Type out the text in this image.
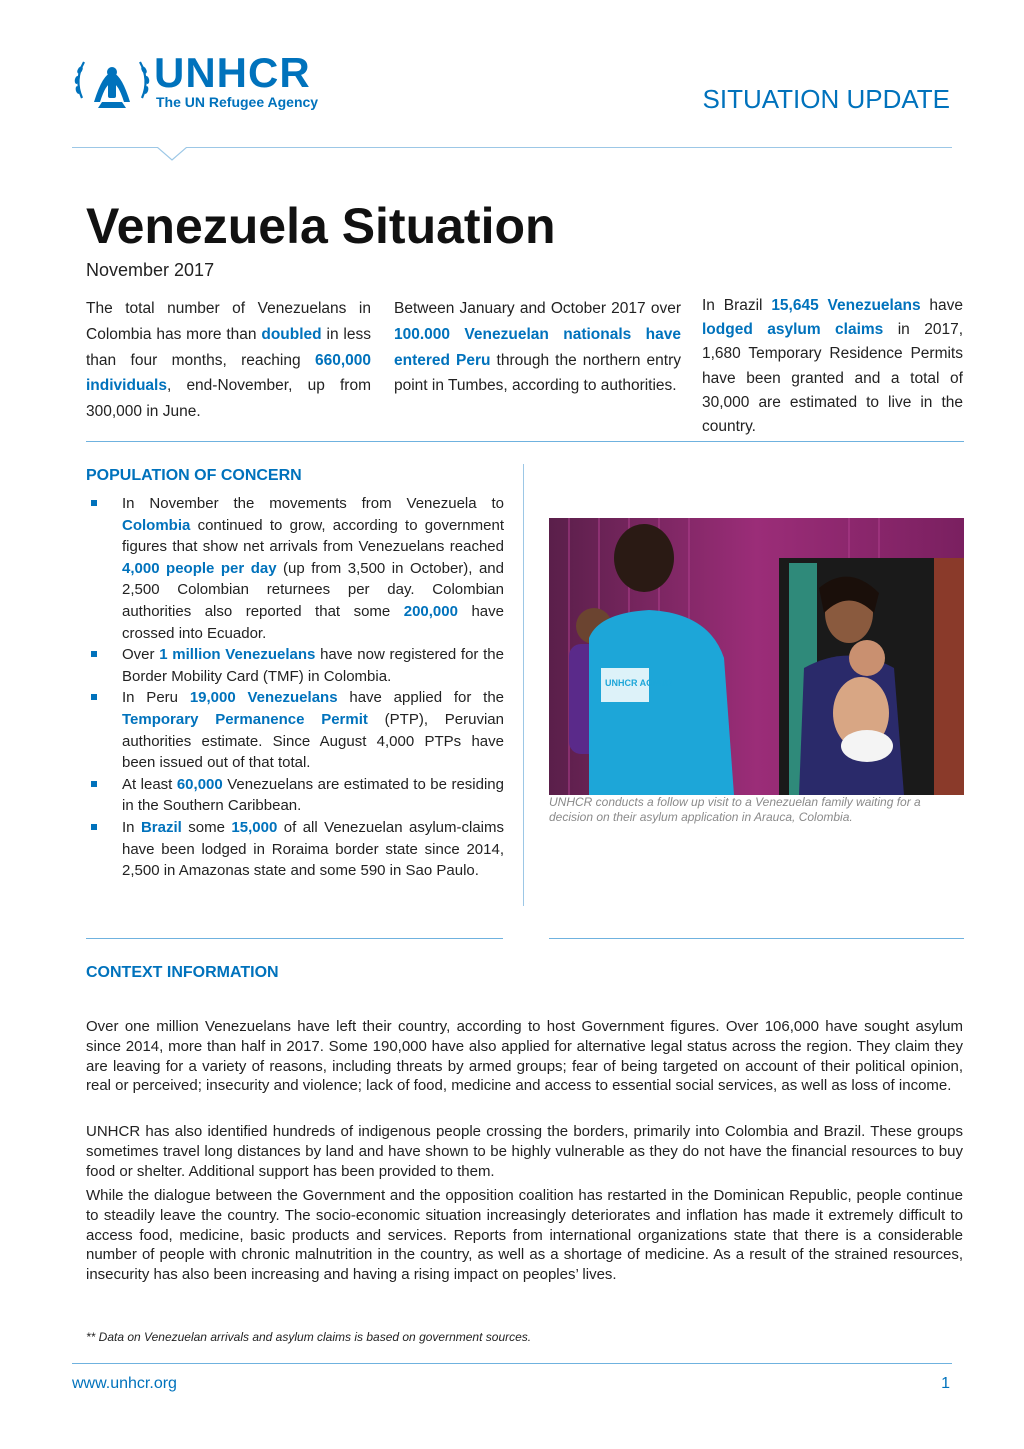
UNHCR
The UN Refugee Agency	SITUATION UPDATE
Venezuela Situation
November 2017
The total number of Venezuelans in Colombia has more than doubled in less than four months, reaching 660,000 individuals, end-November, up from 300,000 in June.
Between January and October 2017 over 100.000 Venezuelan nationals have entered Peru through the northern entry point in Tumbes, according to authorities.
In Brazil 15,645 Venezuelans have lodged asylum claims in 2017, 1,680 Temporary Residence Permits have been granted and a total of 30,000 are estimated to live in the country.
POPULATION OF CONCERN
In November the movements from Venezuela to Colombia continued to grow, according to government figures that show net arrivals from Venezuelans reached 4,000 people per day (up from 3,500 in October), and 2,500 Colombian returnees per day. Colombian authorities also reported that some 200,000 have crossed into Ecuador.
Over 1 million Venezuelans have now registered for the Border Mobility Card (TMF) in Colombia.
In Peru 19,000 Venezuelans have applied for the Temporary Permanence Permit (PTP), Peruvian authorities estimate. Since August 4,000 PTPs have been issued out of that total.
At least 60,000 Venezuelans are estimated to be residing in the Southern Caribbean.
In Brazil some 15,000 of all Venezuelan asylum-claims have been lodged in Roraima border state since 2014, 2,500 in Amazonas state and some 590 in Sao Paulo.
UNHCR ACNUR
UNHCR conducts a follow up visit to a Venezuelan family waiting for a decision on their asylum application in Arauca, Colombia.
CONTEXT INFORMATION
Over one million Venezuelans have left their country, according to host Government figures. Over 106,000 have sought asylum since 2014, more than half in 2017. Some 190,000 have also applied for alternative legal status across the region. They claim they are leaving for a variety of reasons, including threats by armed groups; fear of being targeted on account of their political opinion, real or perceived; insecurity and violence; lack of food, medicine and access to essential social services, as well as loss of income.
UNHCR has also identified hundreds of indigenous people crossing the borders, primarily into Colombia and Brazil. These groups sometimes travel long distances by land and have shown to be highly vulnerable as they do not have the financial resources to buy food or shelter. Additional support has been provided to them.
While the dialogue between the Government and the opposition coalition has restarted in the Dominican Republic, people continue to steadily leave the country. The socio-economic situation increasingly deteriorates and inflation has made it extremely difficult to access food, medicine, basic products and services. Reports from international organizations state that there is a considerable number of people with chronic malnutrition in the country, as well as a shortage of medicine. As a result of the strained resources, insecurity has also been increasing and having a rising impact on peoples’ lives.
** Data on Venezuelan arrivals and asylum claims is based on government sources.
www.unhcr.org	1
